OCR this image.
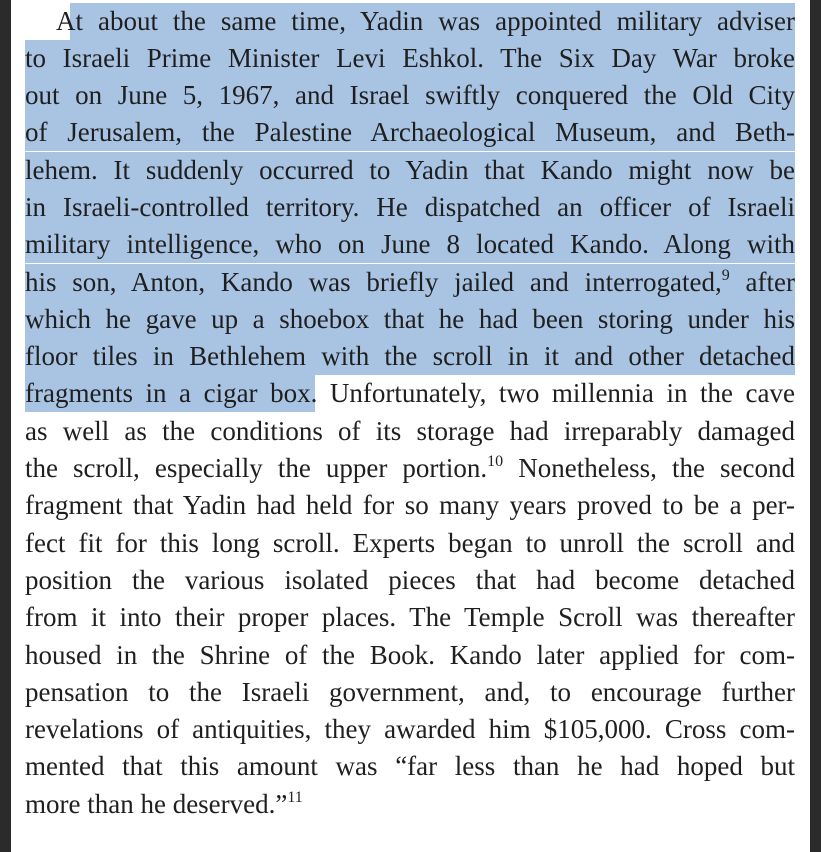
At about the same time, Yadin was appointed military adviser
to Israeli Prime Minister Levi Eshkol. The Six Day War broke
out on June 5, 1967, and Israel swiftly conquered the Old City
of Jerusalem, the Palestine Archaeological Museum, and Beth-
lehem. It suddenly occurred to Yadin that Kando might now be
in Israeli-controlled territory. He dispatched an officer of Israeli
military intelligence, who on June 8 located Kando. Along with
his son, Anton, Kando was briefly jailed and interrogated,$^9$ after
which he gave up a shoebox that he had been storing under his
floor tiles in Bethlehem with the scroll in it and other detached
fragments in a cigar box. Unfortunately, two millennia in the cave
as well as the conditions of its storage had irreparably damaged
the scroll, especially the upper portion.$^{10}$ Nonetheless, the second
fragment that Yadin had held for so many years proved to be a per-
fect fit for this long scroll. Experts began to unroll the scroll and
position the various isolated pieces that had become detached
from it into their proper places. The Temple Scroll was thereafter
housed in the Shrine of the Book. Kando later applied for com-
pensation to the Israeli government, and, to encourage further
revelations of antiquities, they awarded him $105,000. Cross com-
mented that this amount was “far less than he had hoped but
more than he deserved.”$^{11}$
